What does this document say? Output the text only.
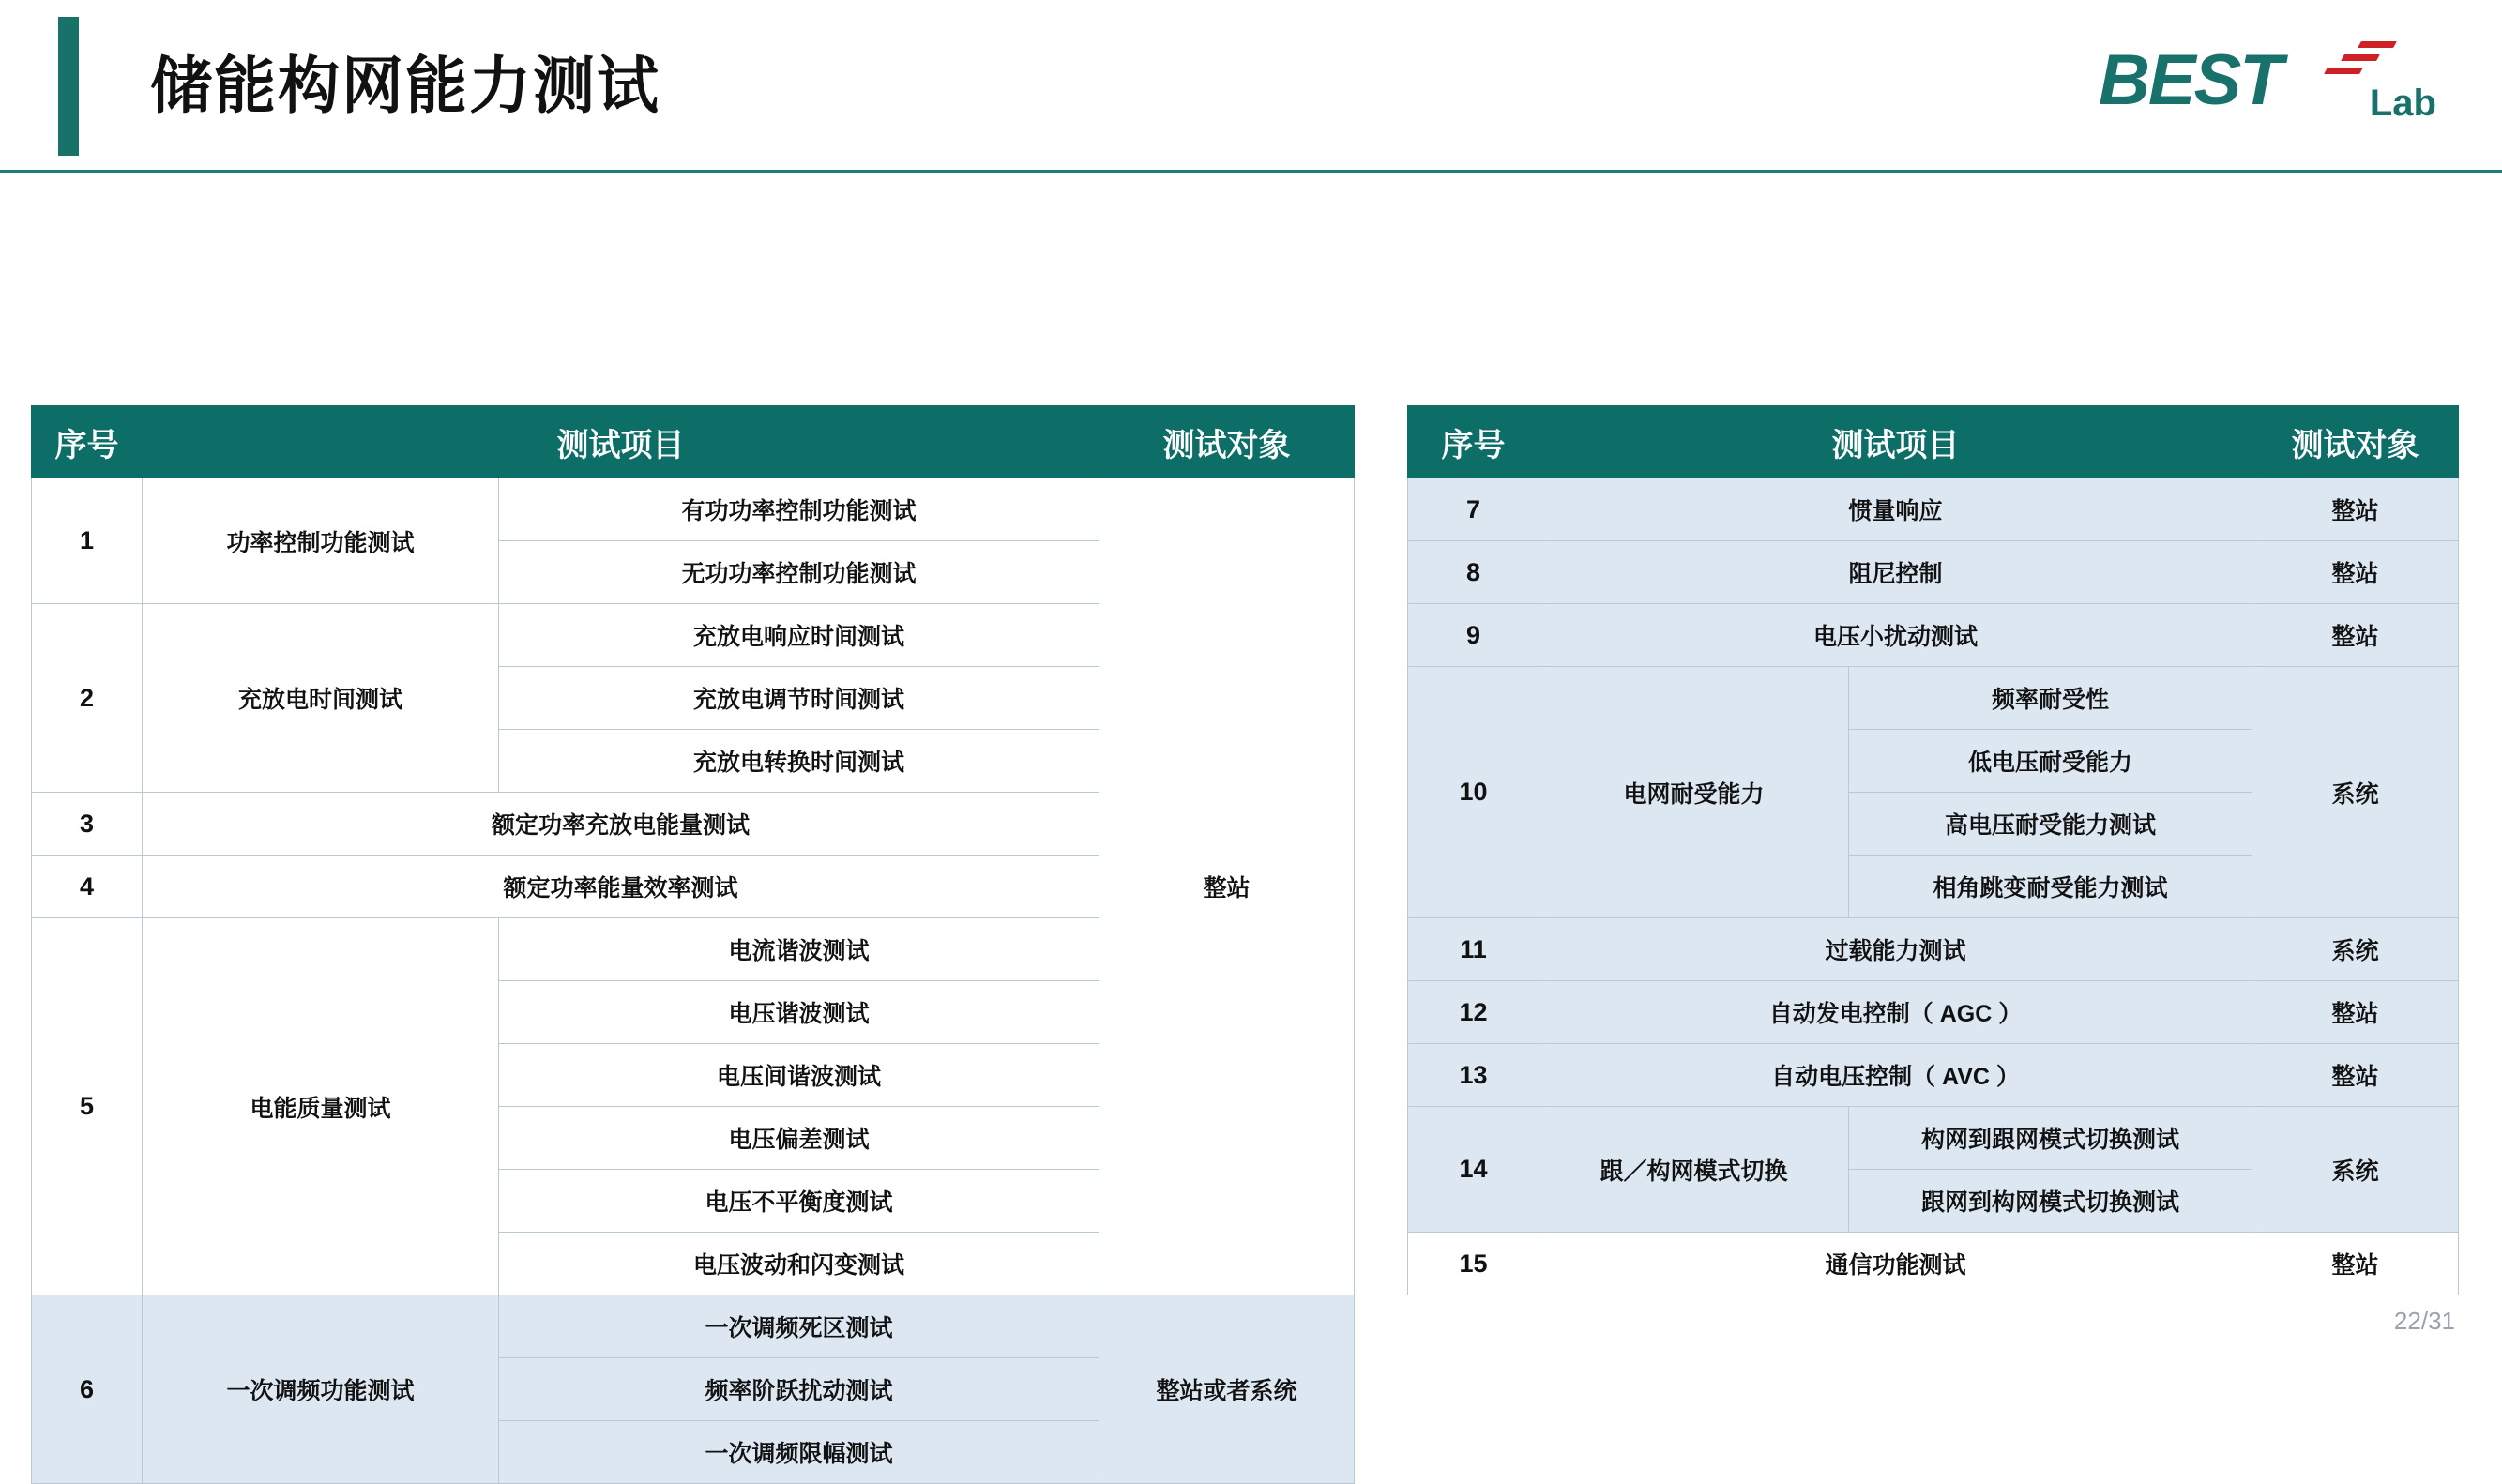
储能构网能力测试	BEST Lab
序号	测试项目		测试对象
1	功率控制功能测试	有功功率控制功能测试	整站
		无功功率控制功能测试	
2	充放电时间测试	充放电响应时间测试	
		充放电调节时间测试	
		充放电转换时间测试	
3	额定功率充放电能量测试		
4	额定功率能量效率测试		
5	电能质量测试	电流谐波测试	
		电压谐波测试	
		电压间谐波测试	
		电压偏差测试	
		电压不平衡度测试	
		电压波动和闪变测试	
6	一次调频功能测试	一次调频死区测试	整站或者系统
		频率阶跃扰动测试	
		一次调频限幅测试	
序号	测试项目		测试对象
7	惯量响应		整站
8	阻尼控制		整站
9	电压小扰动测试		整站
10	电网耐受能力	频率耐受性	系统
		低电压耐受能力	
		高电压耐受能力测试	
		相角跳变耐受能力测试	
11	过载能力测试		系统
12	自动发电控制（ AGC ）		整站
13	自动电压控制（ AVC ）		整站
14	跟／构网模式切换	构网到跟网模式切换测试	系统
		跟网到构网模式切换测试	
15	通信功能测试		整站
22/31
